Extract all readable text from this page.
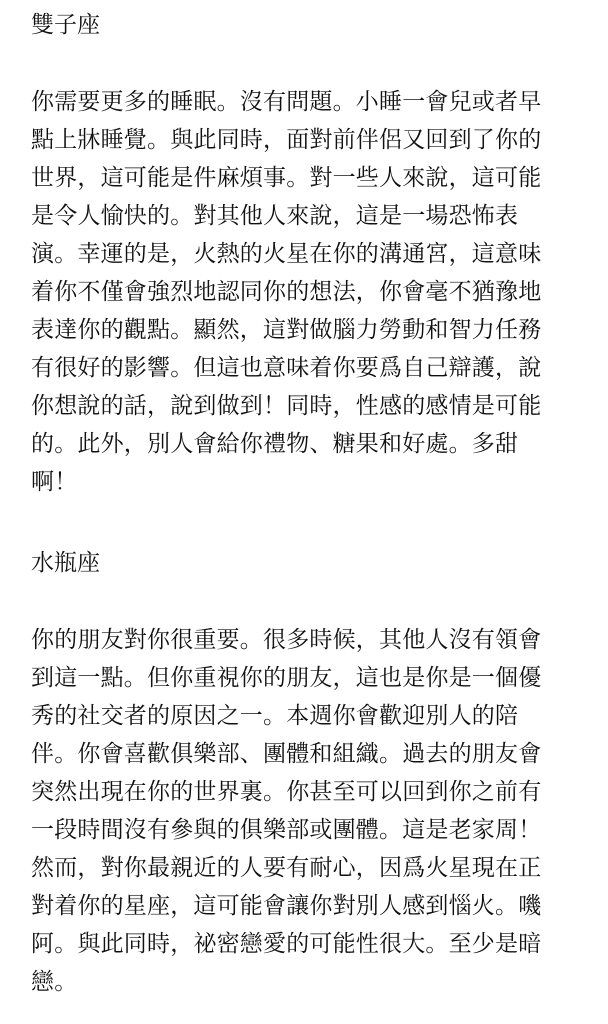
雙子座

你需要更多的睡眠。沒有問題。小睡一會兒或者早
點上牀睡覺。與此同時，面對前伴侶又回到了你的
世界，這可能是件麻煩事。對一些人來說，這可能
是令人愉快的。對其他人來說，這是一場恐怖表
演。幸運的是，火熱的火星在你的溝通宮，這意味
着你不僅會強烈地認同你的想法，你會毫不猶豫地
表達你的觀點。顯然，這對做腦力勞動和智力任務
有很好的影響。但這也意味着你要爲自己辯護，說
你想說的話，說到做到！同時，性感的感情是可能
的。此外，別人會給你禮物、糖果和好處。多甜
啊！

水瓶座

你的朋友對你很重要。很多時候，其他人沒有領會
到這一點。但你重視你的朋友，這也是你是一個優
秀的社交者的原因之一。本週你會歡迎別人的陪
伴。你會喜歡俱樂部、團體和組織。過去的朋友會
突然出現在你的世界裏。你甚至可以回到你之前有
一段時間沒有參與的俱樂部或團體。這是老家周！
然而，對你最親近的人要有耐心，因爲火星現在正
對着你的星座，這可能會讓你對別人感到惱火。嘰
阿。與此同時，祕密戀愛的可能性很大。至少是暗
戀。
